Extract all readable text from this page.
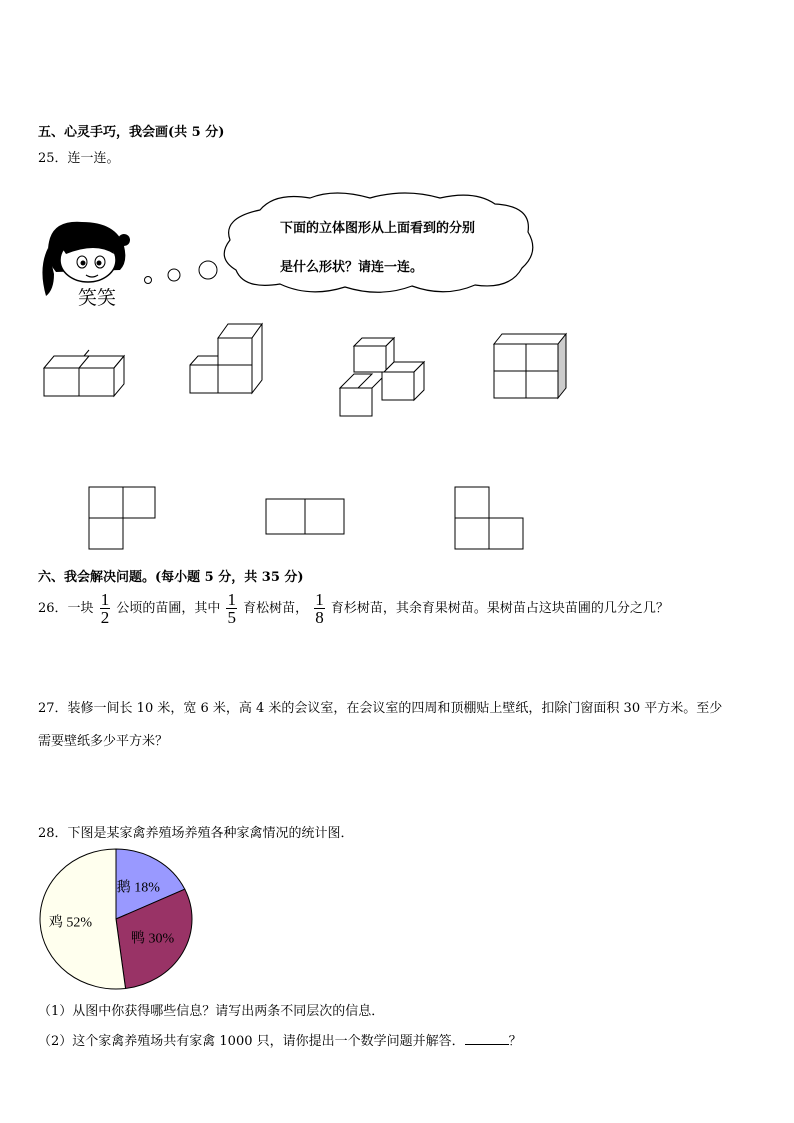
五、心灵手巧，我会画(共 5 分)
25．连一连。
笑笑
下面的立体图形从上面看到的分别
是什么形状？请连一连。
六、我会解决问题。(每小题 5 分，共 35 分)
26．一块 $\frac{1}{2}$ 公顷的苗圃，其中 $\frac{1}{5}$ 育松树苗， $\frac{1}{8}$ 育杉树苗，其余育果树苗。果树苗占这块苗圃的几分之几？
27．装修一间长 10 米，宽 6 米，高 4 米的会议室，在会议室的四周和顶棚贴上壁纸，扣除门窗面积 30 平方米。至少
需要壁纸多少平方米？
28．下图是某家禽养殖场养殖各种家禽情况的统计图．
鹅 18%
鸭 30%
鸡 52%
（1）从图中你获得哪些信息？请写出两条不同层次的信息．
（2）这个家禽养殖场共有家禽 1000 只，请你提出一个数学问题并解答．	？
